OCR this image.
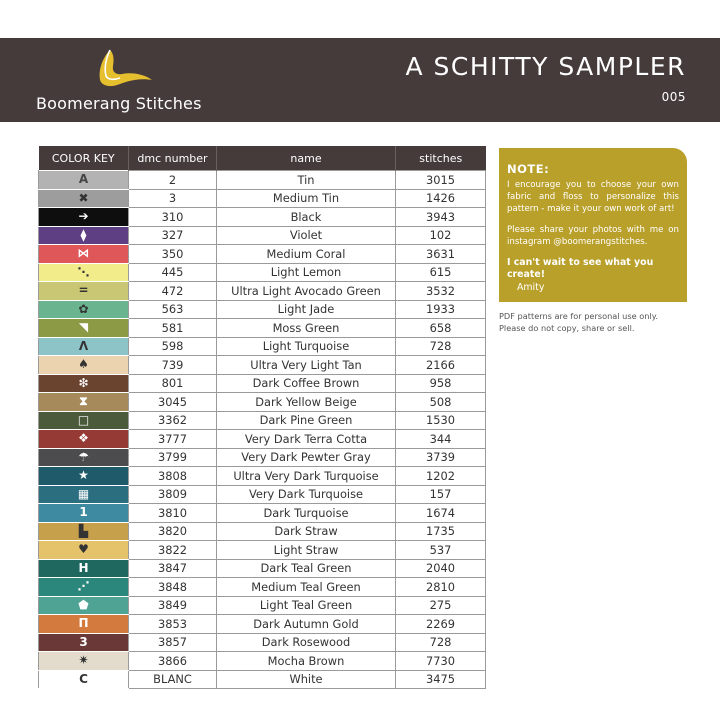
Boomerang Stitches
A SCHITTY SAMPLER
005
COLOR KEY	dmc number	name	stitches
A	2	Tin	3015
✖	3	Medium Tin	1426
➔	310	Black	3943
⧫	327	Violet	102
⋈	350	Medium Coral	3631
⋱	445	Light Lemon	615
=	472	Ultra Light Avocado Green	3532
✿	563	Light Jade	1933
◥	581	Moss Green	658
Λ	598	Light Turquoise	728
♠	739	Ultra Very Light Tan	2166
❇	801	Dark Coffee Brown	958
⧗	3045	Dark Yellow Beige	508
□	3362	Dark Pine Green	1530
❖	3777	Very Dark Terra Cotta	344
☂	3799	Very Dark Pewter Gray	3739
★	3808	Ultra Very Dark Turquoise	1202
▦	3809	Very Dark Turquoise	157
1	3810	Dark Turquoise	1674
▙	3820	Dark Straw	1735
♥	3822	Light Straw	537
H	3847	Dark Teal Green	2040
⋰	3848	Medium Teal Green	2810
⬟	3849	Light Teal Green	275
П	3853	Dark Autumn Gold	2269
3	3857	Dark Rosewood	728
✷	3866	Mocha Brown	7730
C	BLANC	White	3475
NOTE:
I encourage you to choose your own fabric and floss to personalize this pattern - make it your own work of art!
Please share your photos with me on instagram @boomerangstitches.
I can't wait to see what you create!
Amity
PDF patterns are for personal use only.
Please do not copy, share or sell.
